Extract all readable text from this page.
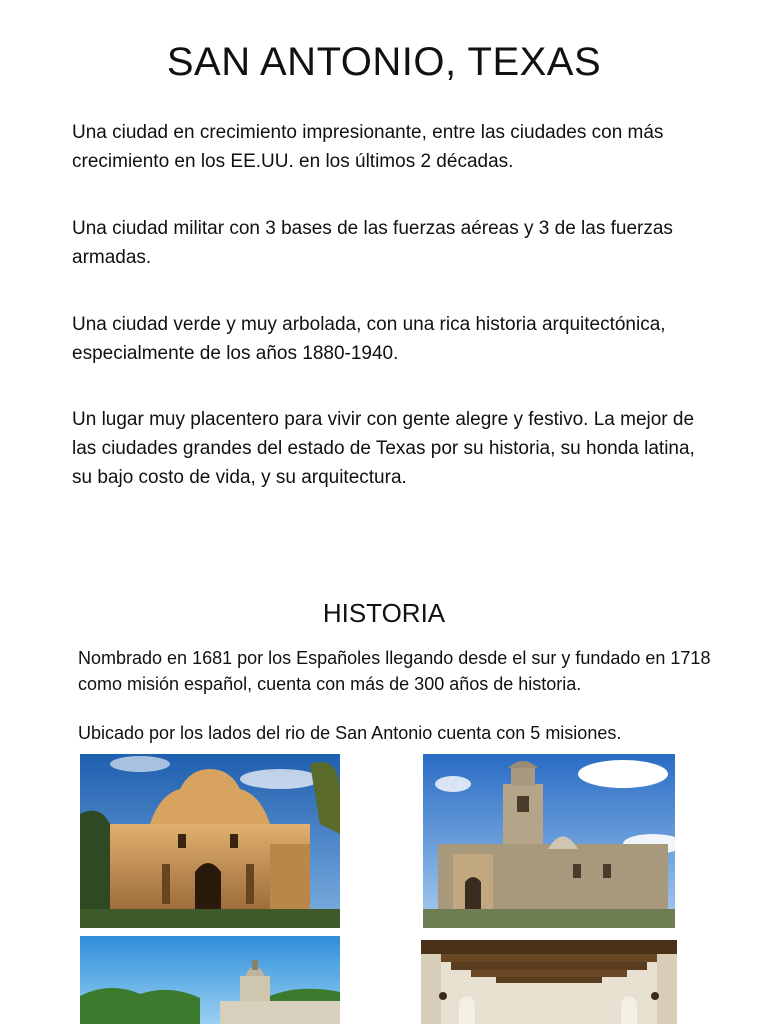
SAN ANTONIO, TEXAS

Una ciudad en crecimiento impresionante, entre las ciudades con más crecimiento en los EE.UU. en los últimos 2 décadas.

Una ciudad militar con 3 bases de las fuerzas aéreas y 3 de las fuerzas armadas.

Una ciudad verde y muy arbolada, con una rica historia arquitectónica, especialmente de los años 1880-1940.

Un lugar muy placentero para vivir con gente alegre y festivo. La mejor de las ciudades grandes del estado de Texas por su historia, su honda latina, su bajo costo de vida, y su arquitectura.

HISTORIA

Nombrado en 1681 por los Españoles llegando desde el sur y fundado en 1718 como misión español, cuenta con más de 300 años de historia.

Ubicado por los lados del rio de San Antonio cuenta con 5 misiones.
